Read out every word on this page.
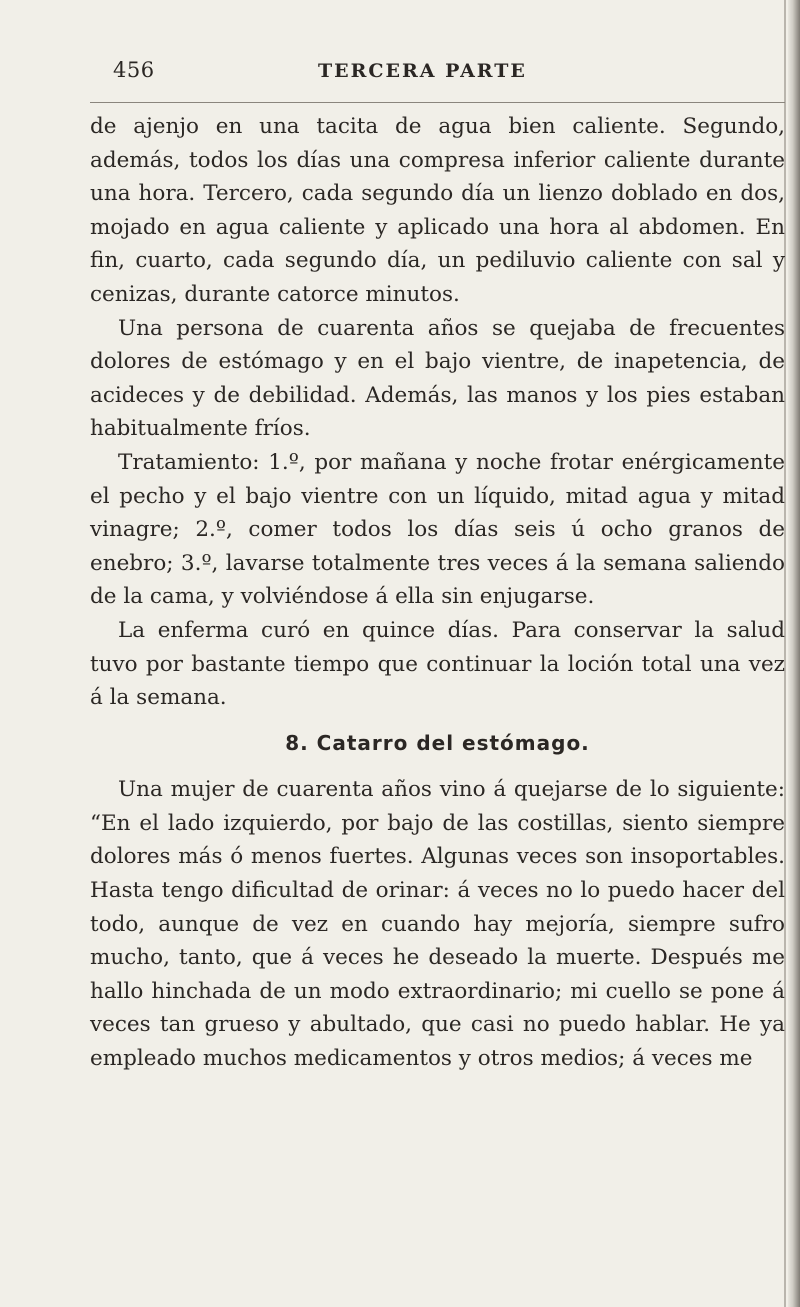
456	TERCERA PARTE

de ajenjo en una tacita de agua bien caliente. Segundo, además, todos los días una compresa inferior caliente durante una hora. Tercero, cada segundo día un lienzo doblado en dos, mojado en agua caliente y aplicado una hora al abdomen. En fin, cuarto, cada segundo día, un pediluvio caliente con sal y cenizas, durante catorce minutos.

Una persona de cuarenta años se quejaba de frecuentes dolores de estómago y en el bajo vientre, de inapetencia, de acideces y de debilidad. Además, las manos y los pies estaban habitualmente fríos.

Tratamiento: 1.º, por mañana y noche frotar enérgicamente el pecho y el bajo vientre con un líquido, mitad agua y mitad vinagre; 2.º, comer todos los días seis ú ocho granos de enebro; 3.º, lavarse totalmente tres veces á la semana saliendo de la cama, y volviéndose á ella sin enjugarse.

La enferma curó en quince días. Para conservar la salud tuvo por bastante tiempo que continuar la loción total una vez á la semana.

8. Catarro del estómago.

Una mujer de cuarenta años vino á quejarse de lo siguiente: “En el lado izquierdo, por bajo de las costillas, siento siempre dolores más ó menos fuertes. Algunas veces son insoportables. Hasta tengo dificultad de orinar: á veces no lo puedo hacer del todo, aunque de vez en cuando hay mejoría, siempre sufro mucho, tanto, que á veces he deseado la muerte. Después me hallo hinchada de un modo extraordinario; mi cuello se pone á veces tan grueso y abultado, que casi no puedo hablar. He ya empleado muchos medicamentos y otros medios; á veces me
